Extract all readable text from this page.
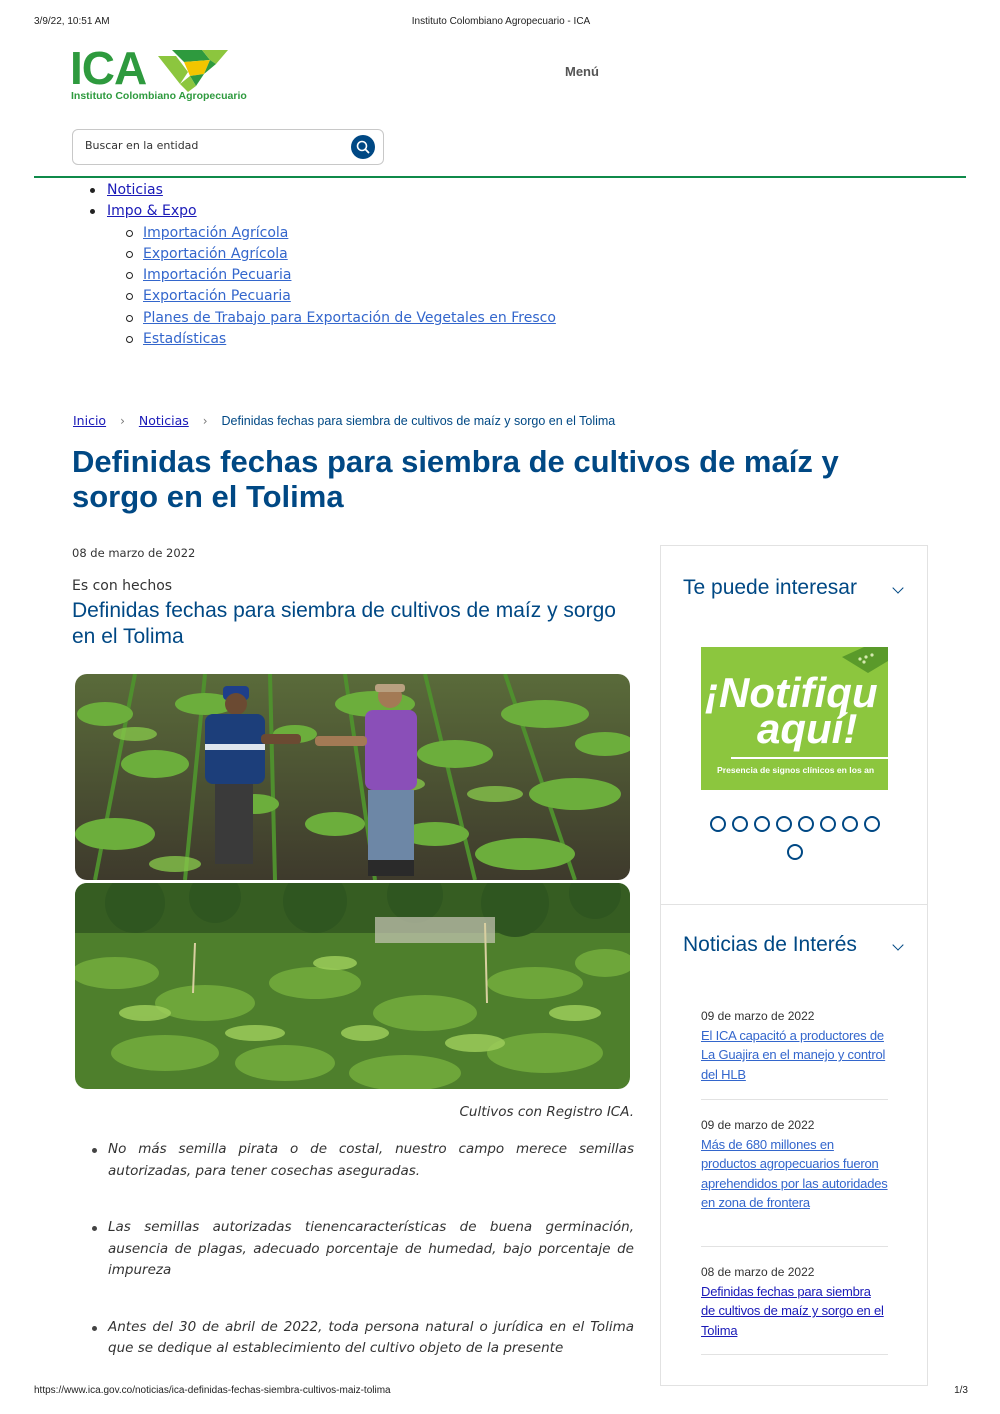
3/9/22, 10:51 AM	Instituto Colombiano Agropecuario - ICA
ICA
Instituto Colombiano Agropecuario
Menú
Buscar en la entidad
Noticias
Impo & Expo
Importación Agrícola
Exportación Agrícola
Importación Pecuaria
Exportación Pecuaria
Planes de Trabajo para Exportación de Vegetales en Fresco
Estadísticas
Inicio › Noticias › Definidas fechas para siembra de cultivos de maíz y sorgo en el Tolima
Definidas fechas para siembra de cultivos de maíz y sorgo en el Tolima
08 de marzo de 2022
Es con hechos
Definidas fechas para siembra de cultivos de maíz y sorgo en el Tolima
Cultivos con Registro ICA.
No más semilla pirata o de costal, nuestro campo merece semillas autorizadas, para tener cosechas aseguradas.
Las semillas autorizadas tienencaracterísticas de buena germinación, ausencia de plagas, adecuado porcentaje de humedad, bajo porcentaje de impureza
Antes del 30 de abril de 2022, toda persona natural o jurídica en el Tolima que se dedique al establecimiento del cultivo objeto de la presente
Te puede interesar
¡Notifiqu
aquí!
Presencia de signos clínicos en los an

Noticias de Interés
09 de marzo de 2022
El ICA capacitó a productores de La Guajira en el manejo y control del HLB
09 de marzo de 2022
Más de 680 millones en productos agropecuarios fueron aprehendidos por las autoridades en zona de frontera
08 de marzo de 2022
Definidas fechas para siembra de cultivos de maíz y sorgo en el Tolima
https://www.ica.gov.co/noticias/ica-definidas-fechas-siembra-cultivos-maiz-tolima	1/3
